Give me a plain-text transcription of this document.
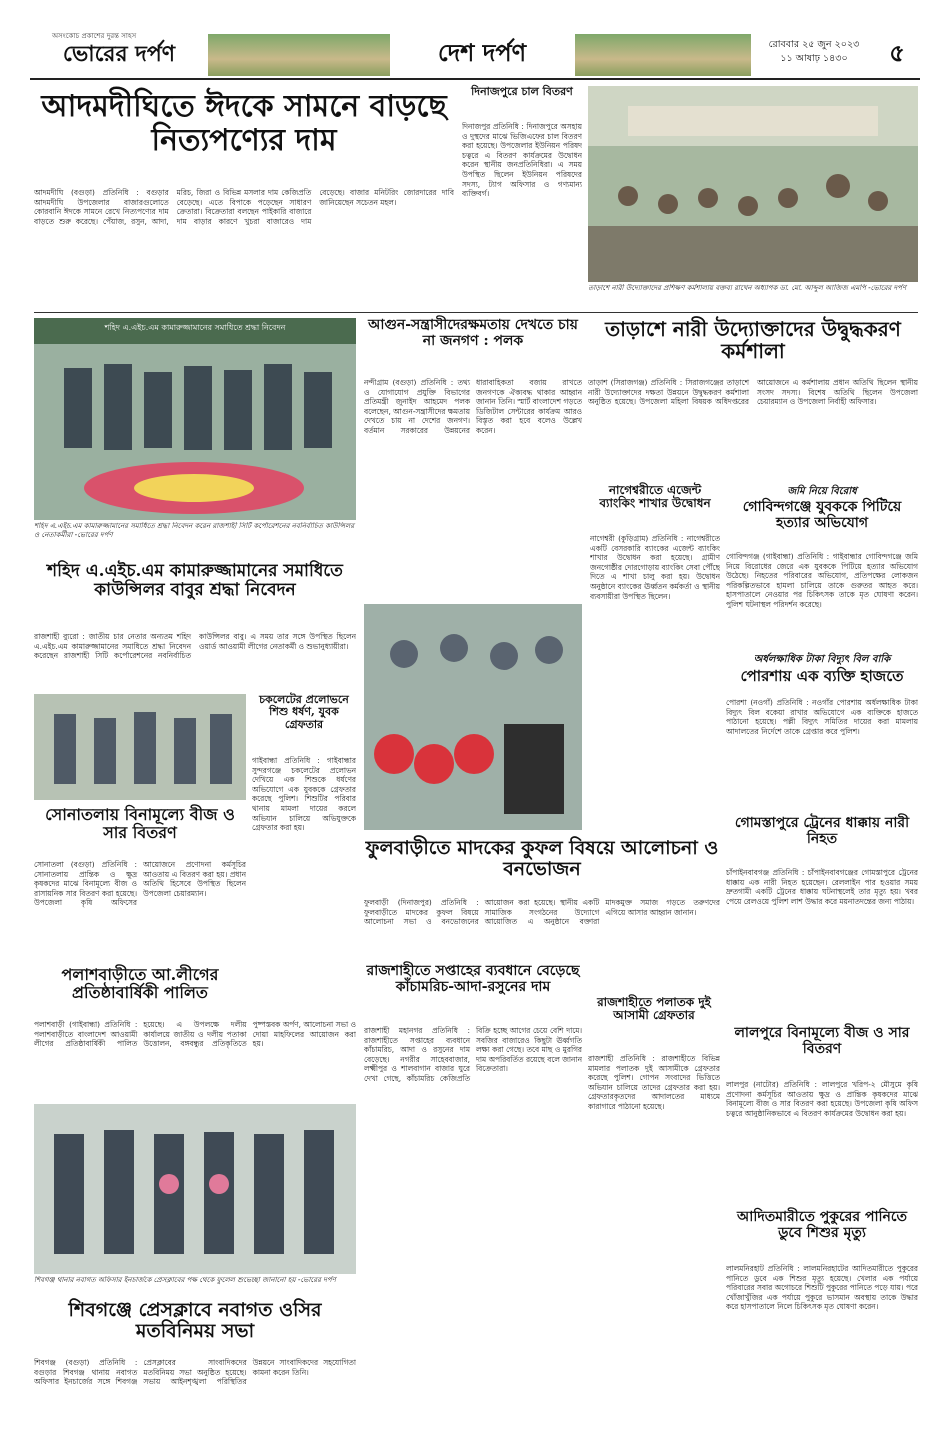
অসংকোচ প্রকাশের দুরন্ত সাহস
ভোরের দর্পণ	দেশ দর্পণ	রোববার ২৫ জুন ২০২৩
১১ আষাঢ় ১৪৩০	৫
আদমদীঘিতে ঈদকে সামনে বাড়ছে নিত্যপণ্যের দাম
আদমদীঘি (বগুড়া) প্রতিনিধি : বগুড়ার আদমদীঘি উপজেলার বাজারগুলোতে কোরবানি ঈদকে সামনে রেখে নিত্যপণ্যের দাম বাড়তে শুরু করেছে। পেঁয়াজ, রসুন, আদা, মরিচ, জিরা ও বিভিন্ন মসলার দাম কেজিপ্রতি বেড়েছে। এতে বিপাকে পড়েছেন সাধারণ ক্রেতারা। বিক্রেতারা বলছেন পাইকারি বাজারে দাম বাড়ার কারণে খুচরা বাজারেও দাম বেড়েছে। বাজার মনিটরিং জোরদারের দাবি জানিয়েছেন সচেতন মহল।
দিনাজপুরে চাল বিতরণ
দিনাজপুর প্রতিনিধি : দিনাজপুরে অসহায় ও দুস্থদের মাঝে ভিজিএফের চাল বিতরণ করা হয়েছে। উপজেলার ইউনিয়ন পরিষদ চত্বরে এ বিতরণ কার্যক্রমের উদ্বোধন করেন স্থানীয় জনপ্রতিনিধিরা। এ সময় উপস্থিত ছিলেন ইউনিয়ন পরিষদের সদস্য, ট্যাগ অফিসার ও গণ্যমান্য ব্যক্তিবর্গ।
তাড়াশে নারী উদ্যোক্তাদের প্রশিক্ষণ কর্মশালায় বক্তব্য রাখেন অধ্যাপক ডা. মো. আব্দুল আজিজ এমপি -ভোরের দর্পণ
তাড়াশে নারী উদ্যোক্তাদের উদ্বুদ্ধকরণ কর্মশালা
তাড়াশ (সিরাজগঞ্জ) প্রতিনিধি : সিরাজগঞ্জের তাড়াশে নারী উদ্যোক্তাদের দক্ষতা উন্নয়নে উদ্বুদ্ধকরণ কর্মশালা অনুষ্ঠিত হয়েছে। উপজেলা মহিলা বিষয়ক অধিদপ্তরের আয়োজনে এ কর্মশালায় প্রধান অতিথি ছিলেন স্থানীয় সংসদ সদস্য। বিশেষ অতিথি ছিলেন উপজেলা চেয়ারম্যান ও উপজেলা নির্বাহী অফিসার।
শহিদ এ.এইচ.এম কামারুজ্জামানের সমাধিতে শ্রদ্ধা নিবেদন করেন রাজশাহী সিটি কর্পোরেশনের নবনির্বাচিত কাউন্সিলর ও নেতাকর্মীরা -ভোরের দর্পণ
আগুন-সন্ত্রাসীদেরক্ষমতায় দেখতে চায় না জনগণ : পলক
নন্দীগ্রাম (বগুড়া) প্রতিনিধি : তথ্য ও যোগাযোগ প্রযুক্তি বিভাগের প্রতিমন্ত্রী জুনাইদ আহমেদ পলক বলেছেন, আগুন-সন্ত্রাসীদের ক্ষমতায় দেখতে চায় না দেশের জনগণ। বর্তমান সরকারের উন্নয়নের ধারাবাহিকতা বজায় রাখতে জনগণকে ঐক্যবদ্ধ থাকার আহ্বান জানান তিনি। স্মার্ট বাংলাদেশ গড়তে ডিজিটাল সেন্টারের কার্যক্রম আরও বিস্তৃত করা হবে বলেও উল্লেখ করেন।
শহিদ এ.এইচ.এম কামারুজ্জামানের সমাধিতে কাউন্সিলর বাবুর শ্রদ্ধা নিবেদন
রাজশাহী ব্যুরো : জাতীয় চার নেতার অন্যতম শহিদ এ.এইচ.এম কামারুজ্জামানের সমাধিতে শ্রদ্ধা নিবেদন করেছেন রাজশাহী সিটি কর্পোরেশনের নবনির্বাচিত কাউন্সিলর বাবু। এ সময় তার সঙ্গে উপস্থিত ছিলেন ওয়ার্ড আওয়ামী লীগের নেতাকর্মী ও শুভানুধ্যায়ীরা।
নাগেশ্বরীতে এজেন্ট ব্যাংকিং শাখার উদ্বোধন
নাগেশ্বরী (কুড়িগ্রাম) প্রতিনিধি : নাগেশ্বরীতে একটি বেসরকারি ব্যাংকের এজেন্ট ব্যাংকিং শাখার উদ্বোধন করা হয়েছে। গ্রামীণ জনগোষ্ঠীর দোরগোড়ায় ব্যাংকিং সেবা পৌঁছে দিতে এ শাখা চালু করা হয়। উদ্বোধন অনুষ্ঠানে ব্যাংকের ঊর্ধ্বতন কর্মকর্তা ও স্থানীয় ব্যবসায়ীরা উপস্থিত ছিলেন।
জমি নিয়ে বিরোধ
গোবিন্দগঞ্জে যুবককে পিটিয়ে হত্যার অভিযোগ
গোবিন্দগঞ্জ (গাইবান্ধা) প্রতিনিধি : গাইবান্ধার গোবিন্দগঞ্জে জমি নিয়ে বিরোধের জেরে এক যুবককে পিটিয়ে হত্যার অভিযোগ উঠেছে। নিহতের পরিবারের অভিযোগ, প্রতিপক্ষের লোকজন পরিকল্পিতভাবে হামলা চালিয়ে তাকে গুরুতর আহত করে। হাসপাতালে নেওয়ার পর চিকিৎসক তাকে মৃত ঘোষণা করেন। পুলিশ ঘটনাস্থল পরিদর্শন করেছে।
অর্ধলক্ষাধিক টাকা বিদ্যুৎ বিল বাকি
পোরশায় এক ব্যক্তি হাজতে
পোরশা (নওগাঁ) প্রতিনিধি : নওগাঁর পোরশায় অর্ধলক্ষাধিক টাকা বিদ্যুৎ বিল বকেয়া রাখার অভিযোগে এক ব্যক্তিকে হাজতে পাঠানো হয়েছে। পল্লী বিদ্যুৎ সমিতির দায়ের করা মামলায় আদালতের নির্দেশে তাকে গ্রেপ্তার করে পুলিশ।
চকলেটের প্রলোভনে শিশু ধর্ষণ, যুবক গ্রেফতার
গাইবান্ধা প্রতিনিধি : গাইবান্ধার সুন্দরগঞ্জে চকলেটের প্রলোভন দেখিয়ে এক শিশুকে ধর্ষণের অভিযোগে এক যুবককে গ্রেফতার করেছে পুলিশ। শিশুটির পরিবার থানায় মামলা দায়ের করলে অভিযান চালিয়ে অভিযুক্তকে গ্রেফতার করা হয়।
সোনাতলায় বিনামূল্যে বীজ ও সার বিতরণ
সোনাতলা (বগুড়া) প্রতিনিধি : সোনাতলায় প্রান্তিক ও ক্ষুদ্র কৃষকদের মাঝে বিনামূল্যে বীজ ও রাসায়নিক সার বিতরণ করা হয়েছে। উপজেলা কৃষি অফিসের আয়োজনে প্রণোদনা কর্মসূচির আওতায় এ বিতরণ করা হয়। প্রধান অতিথি হিসেবে উপস্থিত ছিলেন উপজেলা চেয়ারম্যান।
গোমস্তাপুরে ট্রেনের ধাক্কায় নারী নিহত
চাঁপাইনবাবগঞ্জ প্রতিনিধি : চাঁপাইনবাবগঞ্জের গোমস্তাপুরে ট্রেনের ধাক্কায় এক নারী নিহত হয়েছেন। রেললাইন পার হওয়ার সময় দ্রুতগামী একটি ট্রেনের ধাক্কায় ঘটনাস্থলেই তার মৃত্যু হয়। খবর পেয়ে রেলওয়ে পুলিশ লাশ উদ্ধার করে ময়নাতদন্তের জন্য পাঠায়।
ফুলবাড়ীতে মাদকের কুফল বিষয়ে আলোচনা ও বনভোজন
ফুলবাড়ী (দিনাজপুর) প্রতিনিধি : ফুলবাড়ীতে মাদকের কুফল বিষয়ে আলোচনা সভা ও বনভোজনের আয়োজন করা হয়েছে। স্থানীয় একটি সামাজিক সংগঠনের উদ্যোগে আয়োজিত এ অনুষ্ঠানে বক্তারা মাদকমুক্ত সমাজ গড়তে তরুণদের এগিয়ে আসার আহ্বান জানান।
পলাশবাড়ীতে আ.লীগের প্রতিষ্ঠাবার্ষিকী পালিত
পলাশবাড়ী (গাইবান্ধা) প্রতিনিধি : পলাশবাড়ীতে বাংলাদেশ আওয়ামী লীগের প্রতিষ্ঠাবার্ষিকী পালিত হয়েছে। এ উপলক্ষে দলীয় কার্যালয়ে জাতীয় ও দলীয় পতাকা উত্তোলন, বঙ্গবন্ধুর প্রতিকৃতিতে পুষ্পস্তবক অর্পণ, আলোচনা সভা ও দোয়া মাহফিলের আয়োজন করা হয়।
রাজশাহীতে সপ্তাহের ব্যবধানে বেড়েছে কাঁচামরিচ-আদা-রসুনের দাম
রাজশাহী মহানগর প্রতিনিধি : রাজশাহীতে সপ্তাহের ব্যবধানে কাঁচামরিচ, আদা ও রসুনের দাম বেড়েছে। নগরীর সাহেববাজার, লক্ষ্মীপুর ও শালবাগান বাজার ঘুরে দেখা গেছে, কাঁচামরিচ কেজিপ্রতি বিক্রি হচ্ছে আগের চেয়ে বেশি দামে। সবজির বাজারেও কিছুটা ঊর্ধ্বগতি লক্ষ্য করা গেছে। তবে মাছ ও মুরগির দাম অপরিবর্তিত রয়েছে বলে জানান বিক্রেতারা।
রাজশাহীতে পলাতক দুই আসামী গ্রেফতার
রাজশাহী প্রতিনিধি : রাজশাহীতে বিভিন্ন মামলার পলাতক দুই আসামীকে গ্রেফতার করেছে পুলিশ। গোপন সংবাদের ভিত্তিতে অভিযান চালিয়ে তাদের গ্রেফতার করা হয়। গ্রেফতারকৃতদের আদালতের মাধ্যমে কারাগারে পাঠানো হয়েছে।
লালপুরে বিনামূল্যে বীজ ও সার বিতরণ
লালপুর (নাটোর) প্রতিনিধি : লালপুরে খরিপ-২ মৌসুমে কৃষি প্রণোদনা কর্মসূচির আওতায় ক্ষুদ্র ও প্রান্তিক কৃষকদের মাঝে বিনামূল্যে বীজ ও সার বিতরণ করা হয়েছে। উপজেলা কৃষি অফিস চত্বরে আনুষ্ঠানিকভাবে এ বিতরণ কার্যক্রমের উদ্বোধন করা হয়।
শিবগঞ্জ থানার নবাগত অফিসার ইনচার্জকে প্রেসক্লাবের পক্ষ থেকে ফুলেল শুভেচ্ছা জানানো হয় -ভোরের দর্পণ
শিবগঞ্জে প্রেসক্লাবে নবাগত ওসির মতবিনিময় সভা
শিবগঞ্জ (বগুড়া) প্রতিনিধি : বগুড়ার শিবগঞ্জ থানায় নবাগত অফিসার ইনচার্জের সঙ্গে শিবগঞ্জ প্রেসক্লাবের সাংবাদিকদের মতবিনিময় সভা অনুষ্ঠিত হয়েছে। সভায় আইনশৃঙ্খলা পরিস্থিতির উন্নয়নে সাংবাদিকদের সহযোগিতা কামনা করেন তিনি।
আদিতমারীতে পুকুরের পানিতে ডুবে শিশুর মৃত্যু
লালমনিরহাট প্রতিনিধি : লালমনিরহাটের আদিতমারীতে পুকুরের পানিতে ডুবে এক শিশুর মৃত্যু হয়েছে। খেলার এক পর্যায়ে পরিবারের সবার অগোচরে শিশুটি পুকুরের পানিতে পড়ে যায়। পরে খোঁজাখুঁজির এক পর্যায়ে পুকুরে ভাসমান অবস্থায় তাকে উদ্ধার করে হাসপাতালে নিলে চিকিৎসক মৃত ঘোষণা করেন।
শহিদ এ.এইচ.এম কামারুজ্জামানের সমাধিতে শ্রদ্ধা নিবেদন
